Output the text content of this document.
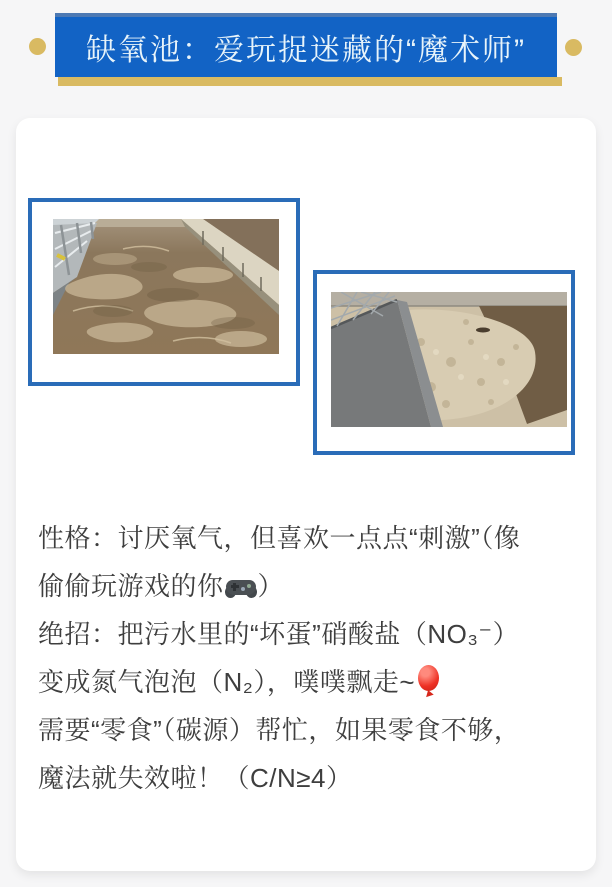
缺氧池：爱玩捉迷藏的“魔术师”
性格：讨厌氧气，但喜欢一点点“刺激”（像
偷偷玩游戏的你 ）
绝招：把污水里的“坏蛋”硝酸盐（NO₃⁻）
变成氮气泡泡（N₂），噗噗飘走~
需要“零食”（碳源）帮忙，如果零食不够，
魔法就失效啦！（C/N≥4）
